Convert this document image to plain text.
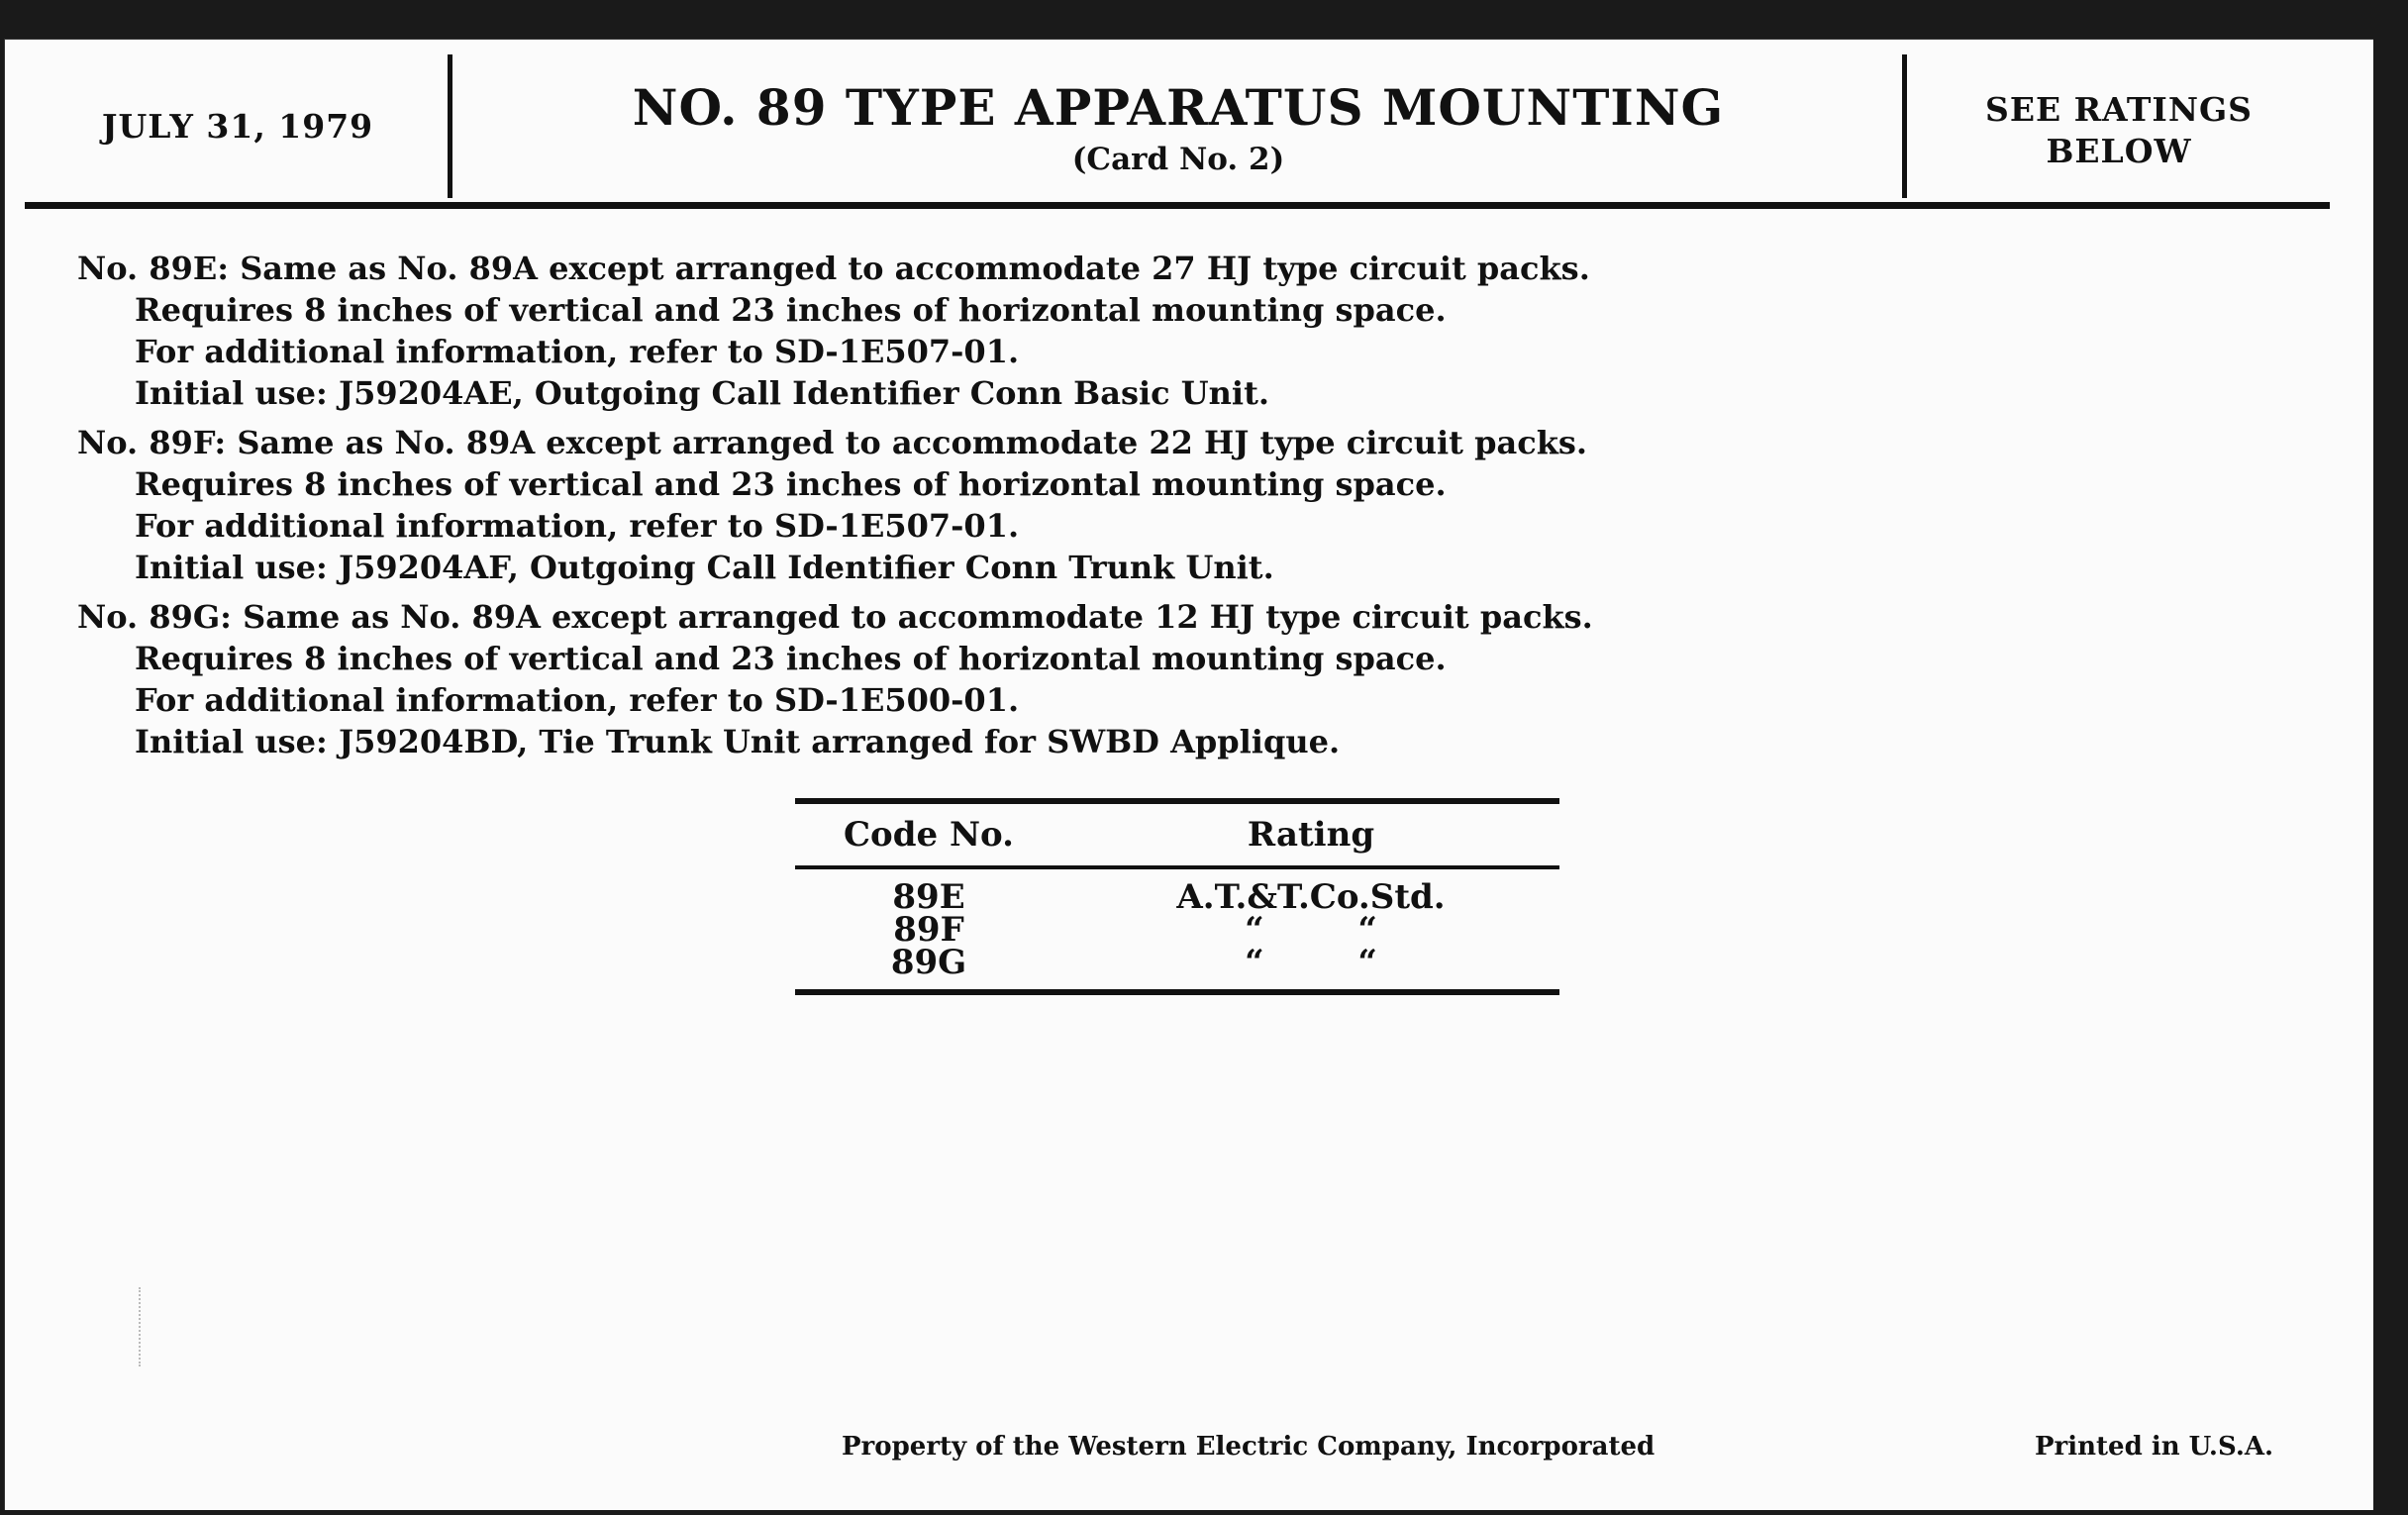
JULY 31, 1979	NO. 89 TYPE APPARATUS MOUNTING
(Card No. 2)
SEE RATINGS
BELOW
No. 89E: Same as No. 89A except arranged to accommodate 27 HJ type circuit packs.
Requires 8 inches of vertical and 23 inches of horizontal mounting space.
For additional information, refer to SD-1E507-01.
Initial use: J59204AE, Outgoing Call Identifier Conn Basic Unit.
No. 89F: Same as No. 89A except arranged to accommodate 22 HJ type circuit packs.
Requires 8 inches of vertical and 23 inches of horizontal mounting space.
For additional information, refer to SD-1E507-01.
Initial use: J59204AF, Outgoing Call Identifier Conn Trunk Unit.
No. 89G: Same as No. 89A except arranged to accommodate 12 HJ type circuit packs.
Requires 8 inches of vertical and 23 inches of horizontal mounting space.
For additional information, refer to SD-1E500-01.
Initial use: J59204BD, Tie Trunk Unit arranged for SWBD Applique.
Code No.	Rating
89E	A.T.&T.Co.Std.
89F	“        “
89G	“        “
Property of the Western Electric Company, Incorporated	Printed in U.S.A.
